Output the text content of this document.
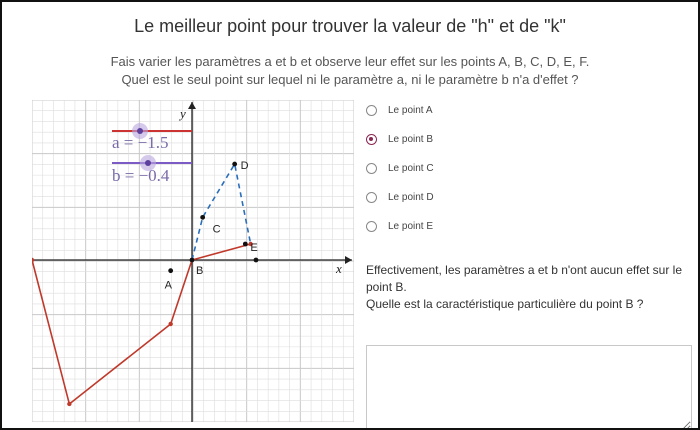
Le meilleur point pour trouver la valeur de "h" et de "k"
Fais varier les paramètres a et b et observe leur effet sur les points A, B, C, D, E, F.
Quel est le seul point sur lequel ni le paramètre a, ni le paramètre b n'a d'effet ?
x
y
A
B
C
D
E
a = −1.5
b = −0.4
Le point A
Le point B
Le point C
Le point D
Le point E
Effectivement, les paramètres a et b n'ont aucun effet sur le point B.
Quelle est la caractéristique particulière du point B ?
